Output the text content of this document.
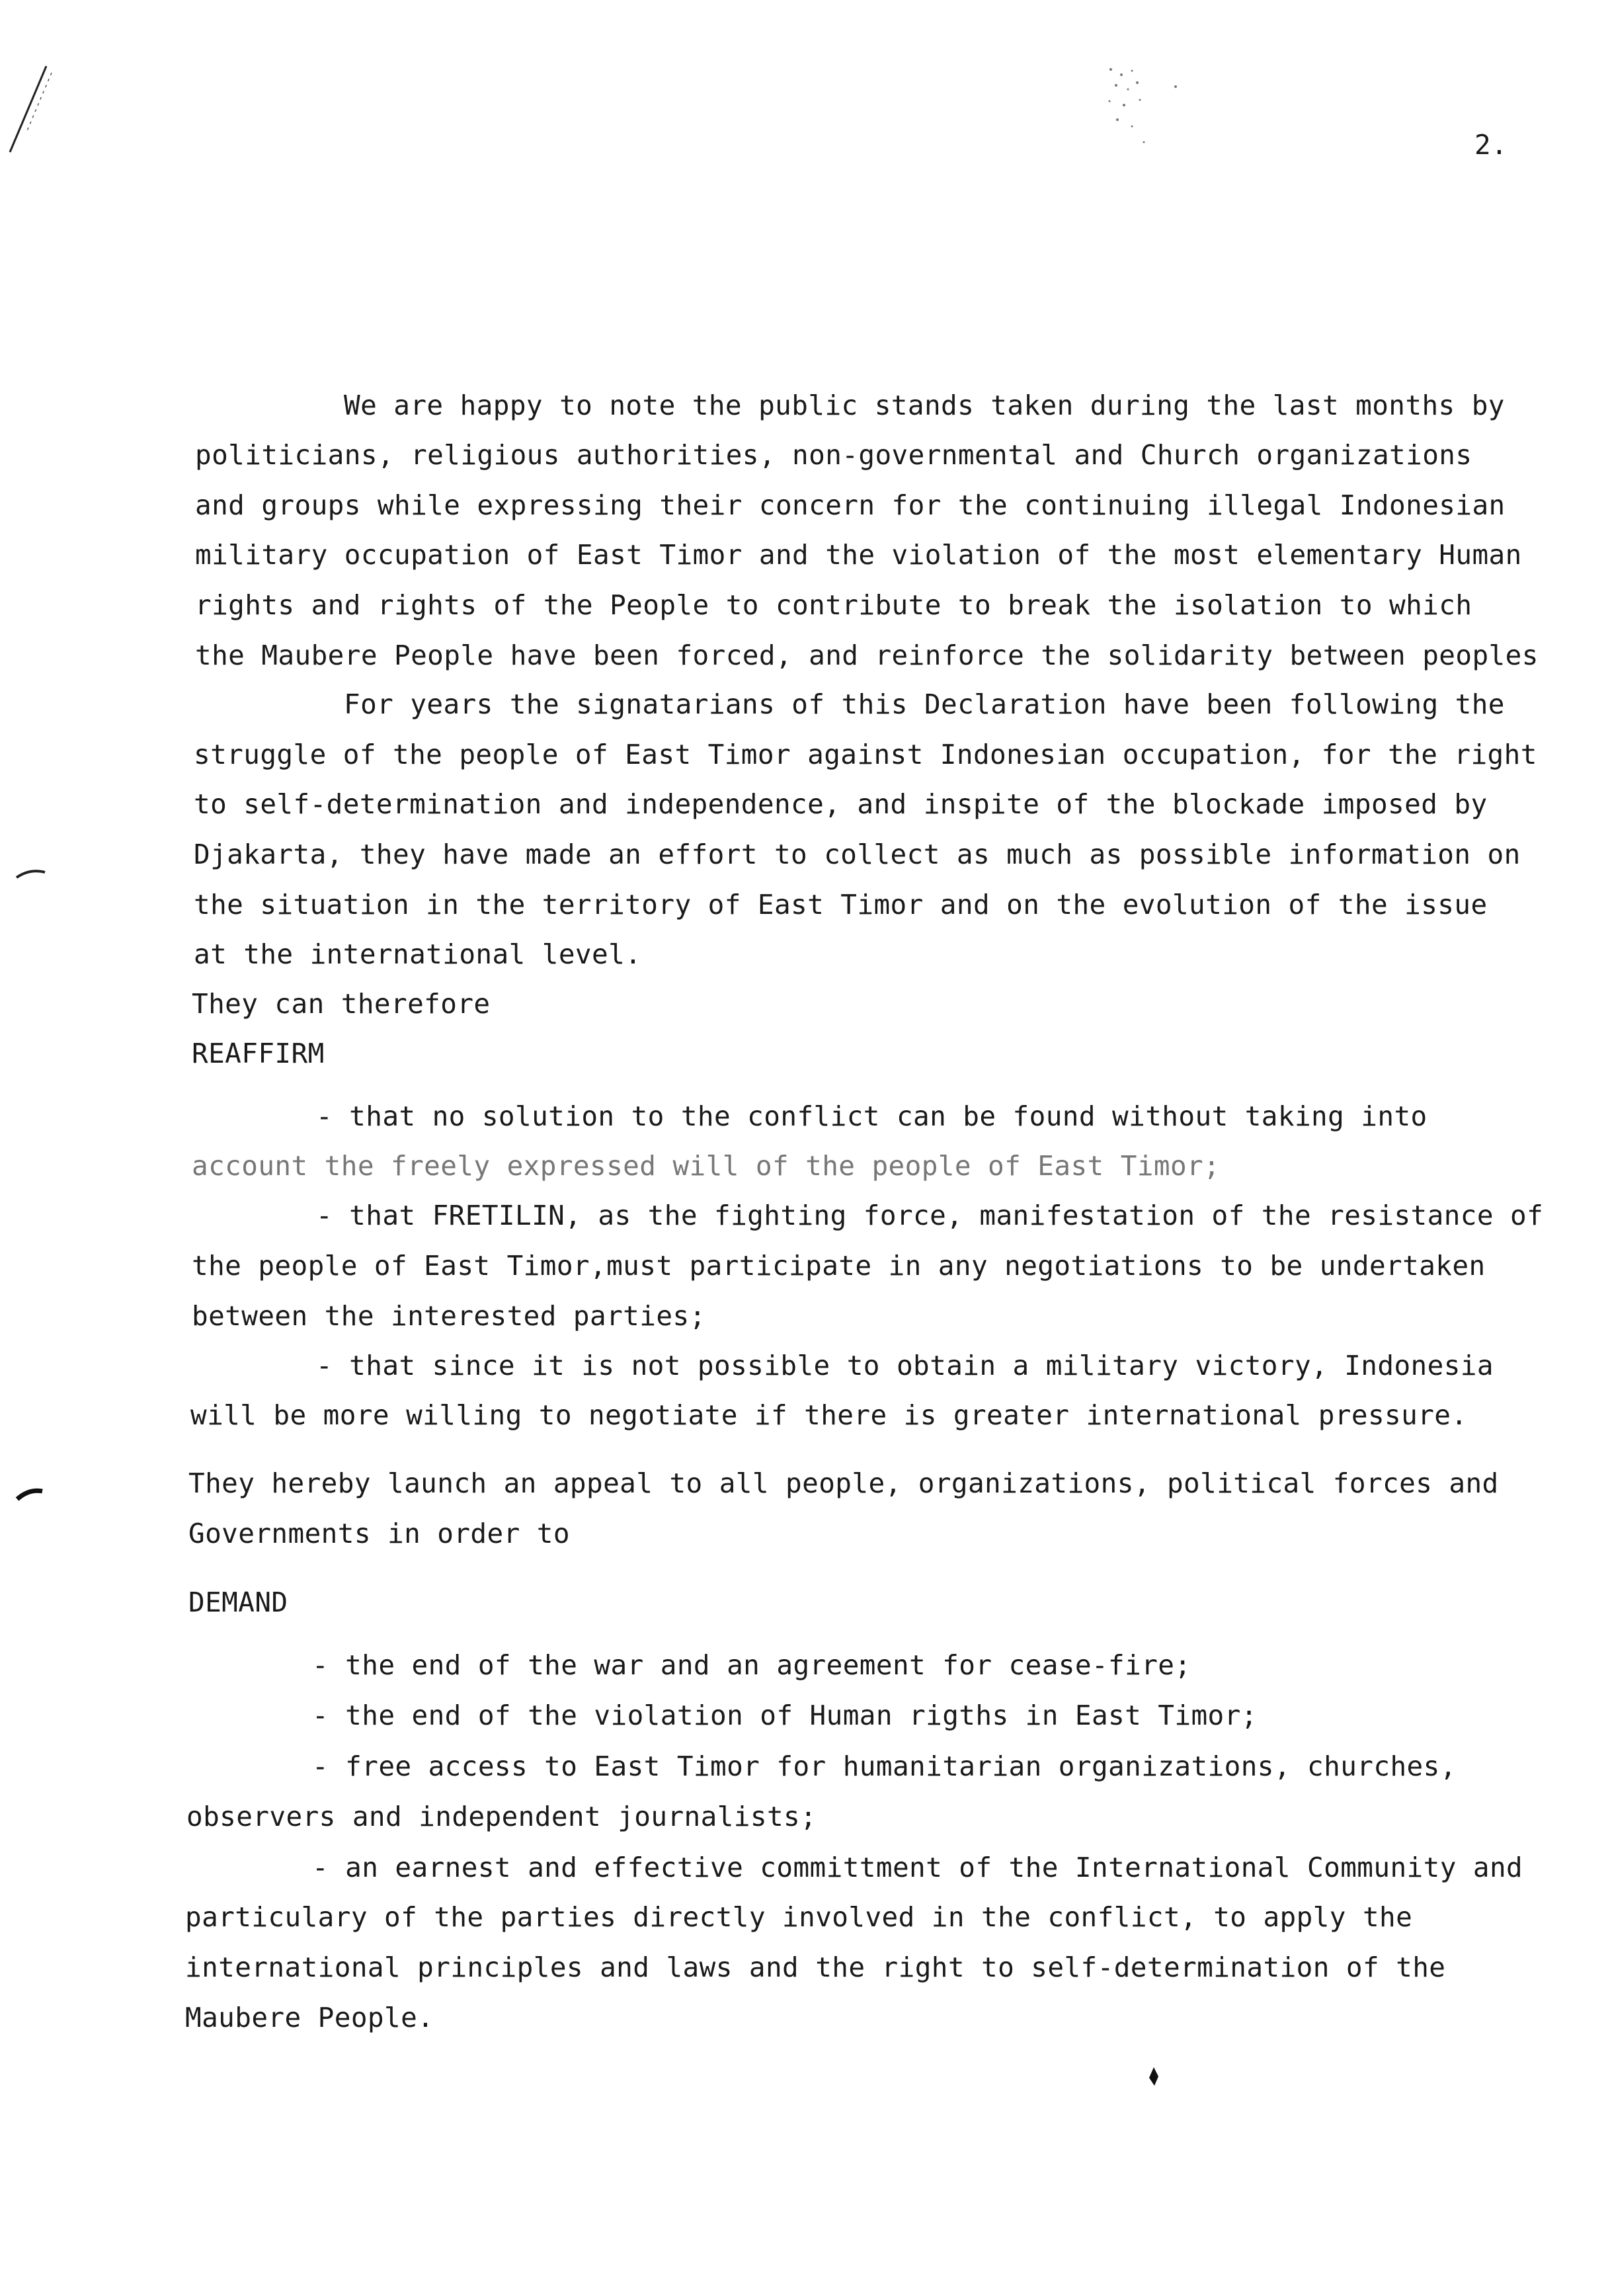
2.
We are happy to note the public stands taken during the last months by
politicians, religious authorities, non-governmental and Church organizations
and groups while expressing their concern for the continuing illegal Indonesian
military occupation of East Timor and the violation of the most elementary Human
rights and rights of the People to contribute to break the isolation to which
the Maubere People have been forced, and reinforce the solidarity between peoples
For years the signatarians of this Declaration have been following the
struggle of the people of East Timor against Indonesian occupation, for the right
to self-determination and independence, and inspite of the blockade imposed by
Djakarta, they have made an effort to collect as much as possible information on
the situation in the territory of East Timor and on the evolution of the issue
at the international level.
They can therefore
REAFFIRM
- that no solution to the conflict can be found without taking into
account the freely expressed will of the people of East Timor;
- that FRETILIN, as the fighting force, manifestation of the resistance of
the people of East Timor,must participate in any negotiations to be undertaken
between the interested parties;
- that since it is not possible to obtain a military victory, Indonesia
will be more willing to negotiate if there is greater international pressure.
They hereby launch an appeal to all people, organizations, political forces and
Governments in order to
DEMAND
- the end of the war and an agreement for cease-fire;
- the end of the violation of Human rigths in East Timor;
- free access to East Timor for humanitarian organizations, churches,
observers and independent journalists;
- an earnest and effective committment of the International Community and
particulary of the parties directly involved in the conflict, to apply the
international principles and laws and the right to self-determination of the
Maubere People.
